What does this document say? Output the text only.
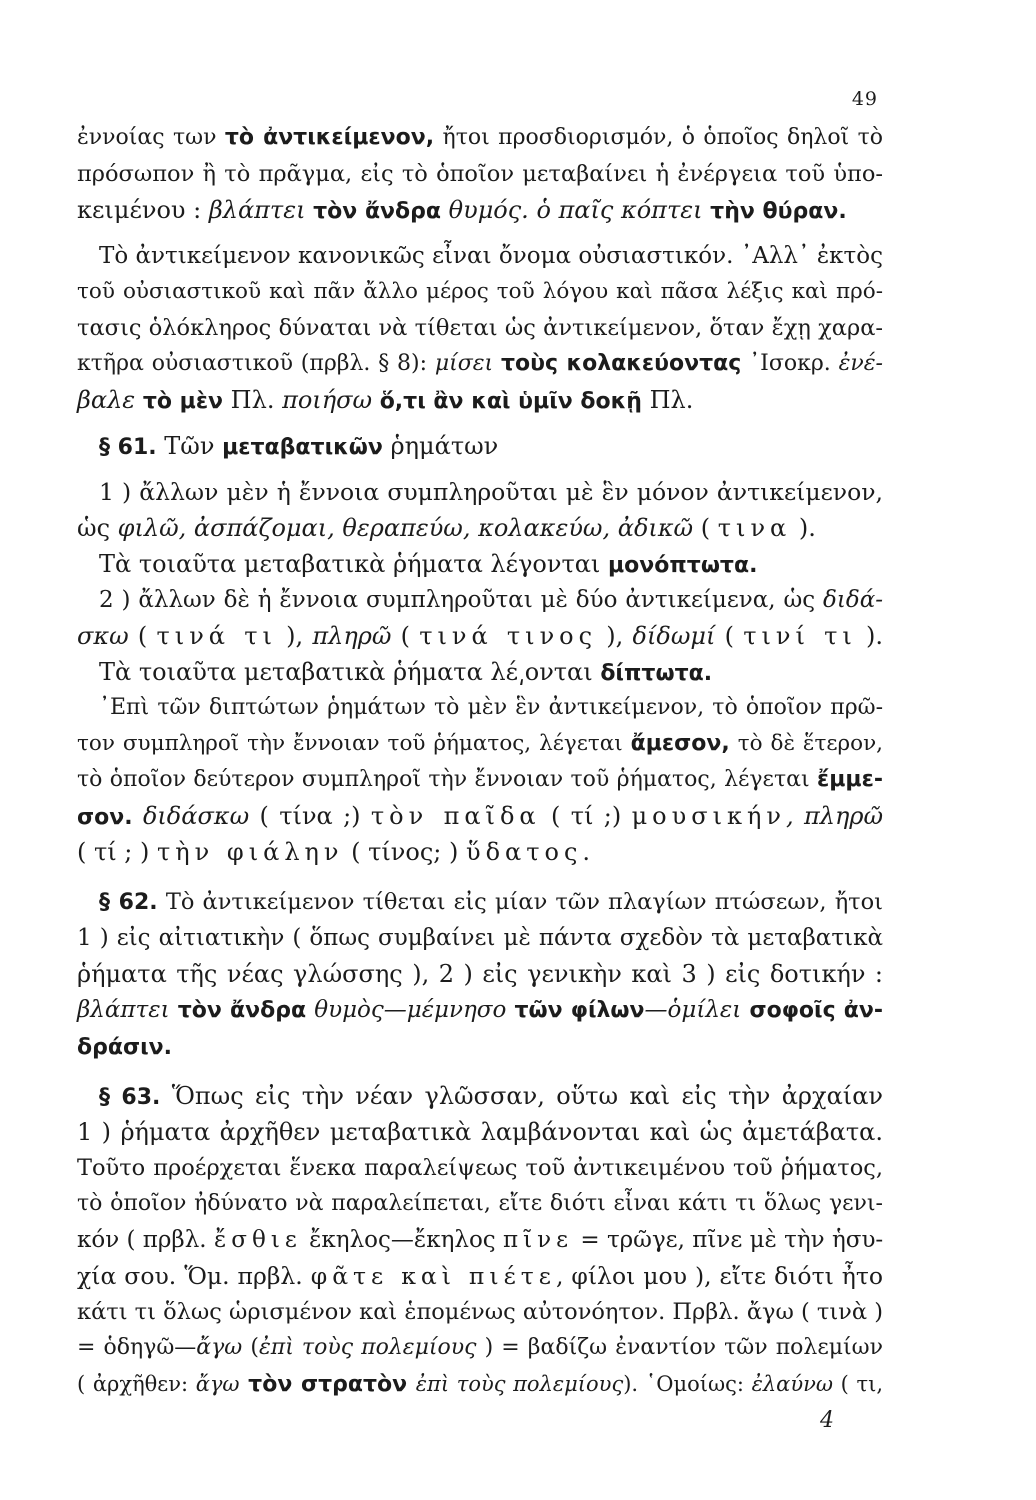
49
ἐννοίας των τὸ ἀντικείμενον, ἤτοι προσδιορισμόν, ὁ ὁποῖος δηλοῖ τὸ
πρόσωπον ἢ τὸ πρᾶγμα, εἰς τὸ ὁποῖον μεταβαίνει ἡ ἐνέργεια τοῦ ὑπο-
κειμένου : βλάπτει τὸν ἄνδρα θυμός. ὁ παῖς κόπτει τὴν θύραν.
Τὸ ἀντικείμενον κανονικῶς εἶναι ὄνομα οὐσιαστικόν. ᾿Αλλ᾿ ἐκτὸς
τοῦ οὐσιαστικοῦ καὶ πᾶν ἄλλο μέρος τοῦ λόγου καὶ πᾶσα λέξις καὶ πρό-
τασις ὁλόκληρος δύναται νὰ τίθεται ὡς ἀντικείμενον, ὅταν ἔχῃ χαρα-
κτῆρα οὐσιαστικοῦ (πρβλ. § 8): μίσει τοὺς κολακεύοντας ᾿Ισοκρ. ἐνέ-
βαλε τὸ μὲν Πλ. ποιήσω ὅ,τι ἂν καὶ ὑμῖν δοκῇ Πλ.
§ 61. Τῶν μεταβατικῶν ῥημάτων
1 ) ἄλλων μὲν ἡ ἔννοια συμπληροῦται μὲ ἓν μόνον ἀντικείμενον,
ὡς φιλῶ, ἀσπάζομαι, θεραπεύω, κολακεύω, ἀδικῶ ( τινα ).
Τὰ τοιαῦτα μεταβατικὰ ῥήματα λέγονται μονόπτωτα.
2 ) ἄλλων δὲ ἡ ἔννοια συμπληροῦται μὲ δύο ἀντικείμενα, ὡς διδά-
σκω ( τινά τι ), πληρῶ ( τινά τινος ), δίδωμί ( τινί τι ).
Τὰ τοιαῦτα μεταβατικὰ ῥήματα λέ͵ονται δίπτωτα.
᾿Επὶ τῶν διπτώτων ῥημάτων τὸ μὲν ἓν ἀντικείμενον, τὸ ὁποῖον πρῶ-
τον συμπληροῖ τὴν ἔννοιαν τοῦ ῥήματος, λέγεται ἄμεσον, τὸ δὲ ἕτερον,
τὸ ὁποῖον δεύτερον συμπληροῖ τὴν ἔννοιαν τοῦ ῥήματος, λέγεται ἔμμε-
σον. διδάσκω ( τίνα ;) τὸν παῖδα ( τί ;) μουσικήν, πληρῶ
( τί ; ) τὴν φιάλην ( τίνος; ) ὕδατος.
§ 62. Τὸ ἀντικείμενον τίθεται εἰς μίαν τῶν πλαγίων πτώσεων, ἤτοι
1 ) εἰς αἰτιατικὴν ( ὅπως συμβαίνει μὲ πάντα σχεδὸν τὰ μεταβατικὰ
ῥήματα τῆς νέας γλώσσης ), 2 ) εἰς γενικὴν καὶ 3 ) εἰς δοτικήν :
βλάπτει τὸν ἄνδρα θυμὸς—μέμνησο τῶν φίλων—ὁμίλει σοφοῖς ἀν-
δράσιν.
§ 63. Ὅπως εἰς τὴν νέαν γλῶσσαν, οὕτω καὶ εἰς τὴν ἀρχαίαν
1 ) ῥήματα ἀρχῆθεν μεταβατικὰ λαμβάνονται καὶ ὡς ἀμετάβατα.
Τοῦτο προέρχεται ἕνεκα παραλείψεως τοῦ ἀντικειμένου τοῦ ῥήματος,
τὸ ὁποῖον ἠδύνατο νὰ παραλείπεται, εἴτε διότι εἶναι κάτι τι ὅλως γενι-
κόν ( πρβλ. ἔσθιε ἔκηλος—ἔκηλος πῖνε = τρῶγε, πῖνε μὲ τὴν ἡσυ-
χία σου. Ὅμ. πρβλ. φᾶτε καὶ πιέτε, φίλοι μου ), εἴτε διότι ἦτο
κάτι τι ὅλως ὡρισμένον καὶ ἑπομένως αὐτονόητον. Πρβλ. ἄγω ( τινὰ )
= ὁδηγῶ—ἄγω (ἐπὶ τοὺς πολεμίους ) = βαδίζω ἐναντίον τῶν πολεμίων
( ἀρχῆθεν: ἄγω τὸν στρατὸν ἐπὶ τοὺς πολεμίους). ῾Ομοίως: ἐλαύνω ( τι,
4
